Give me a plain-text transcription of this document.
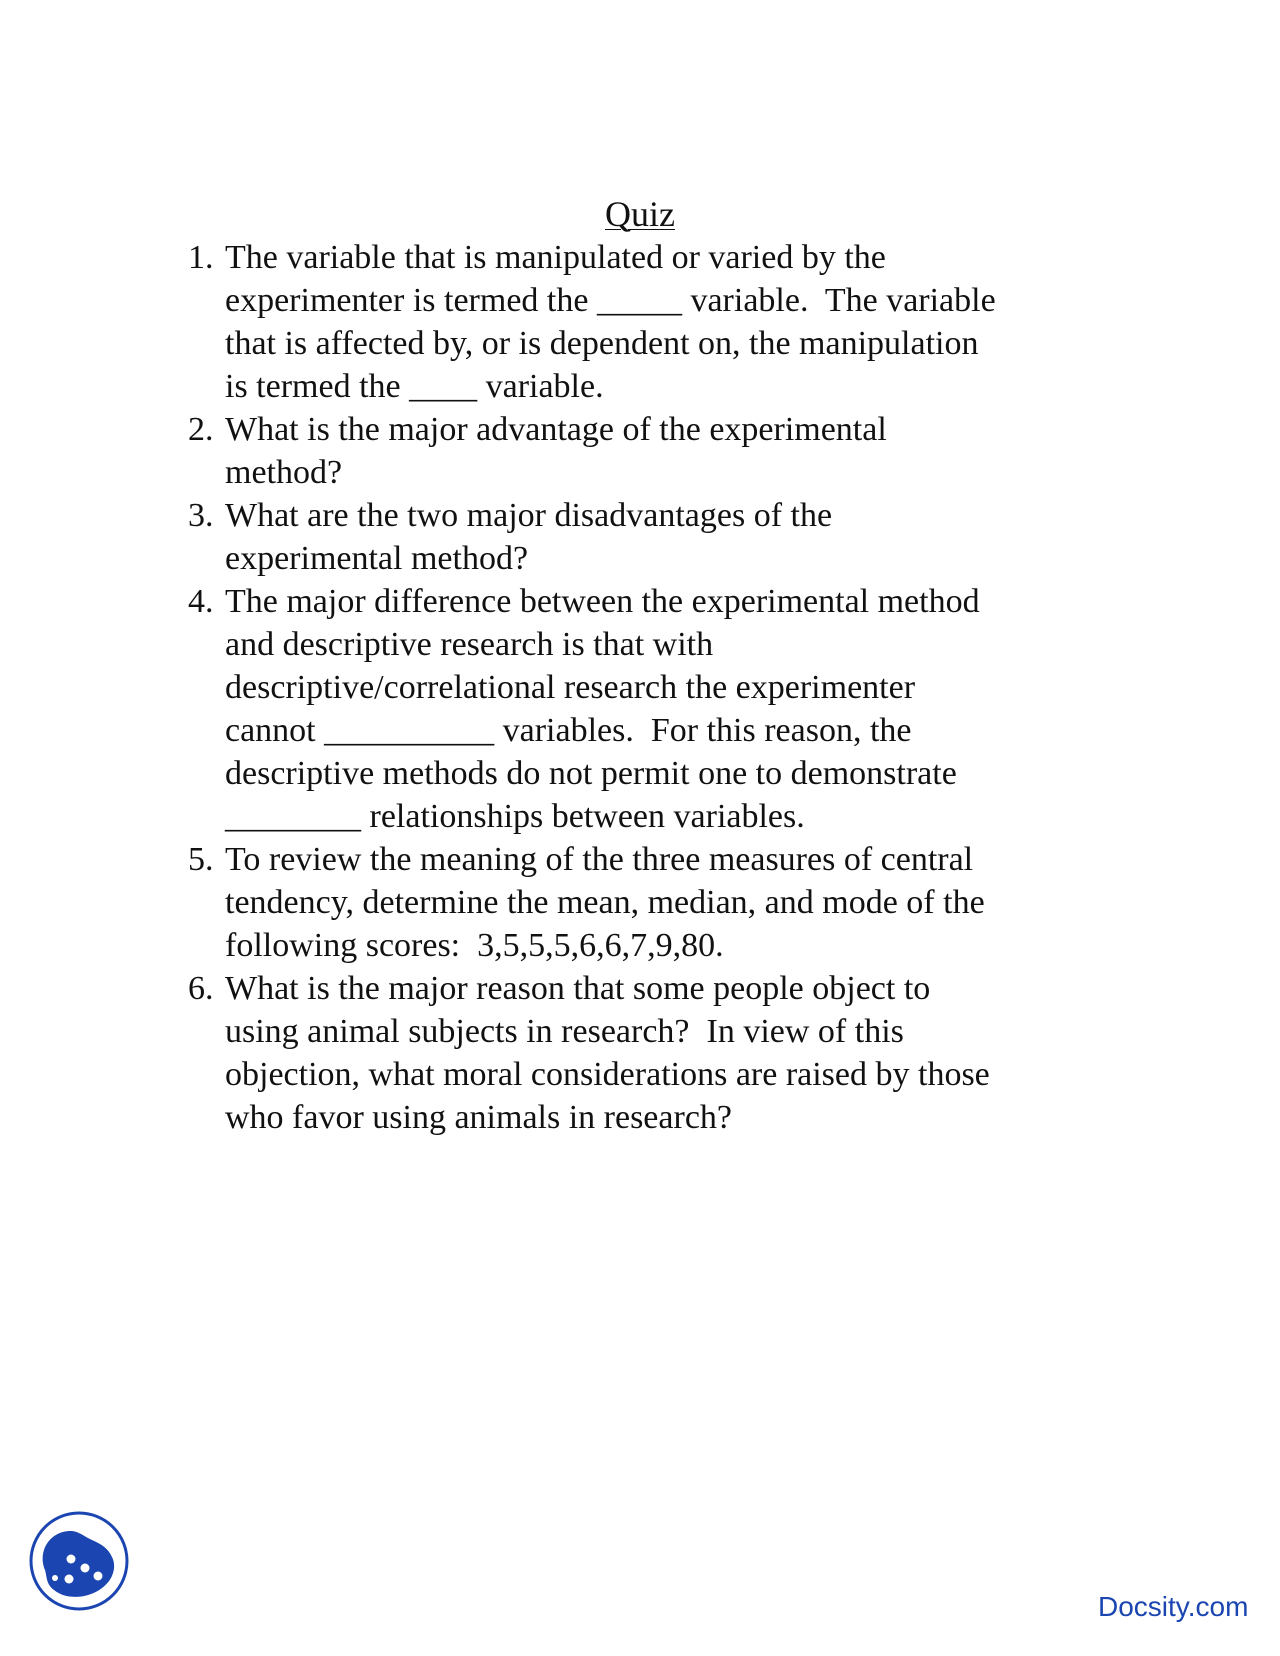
Quiz
1. The variable that is manipulated or varied by the
experimenter is termed the _____ variable.  The variable
that is affected by, or is dependent on, the manipulation
is termed the ____ variable.
2. What is the major advantage of the experimental
method?
3. What are the two major disadvantages of the
experimental method?
4. The major difference between the experimental method
and descriptive research is that with
descriptive/correlational research the experimenter
cannot __________ variables.  For this reason, the
descriptive methods do not permit one to demonstrate
________ relationships between variables.
5. To review the meaning of the three measures of central
tendency, determine the mean, median, and mode of the
following scores:  3,5,5,5,6,6,7,9,80.
6. What is the major reason that some people object to
using animal subjects in research?  In view of this
objection, what moral considerations are raised by those
who favor using animals in research?
Docsity.com
